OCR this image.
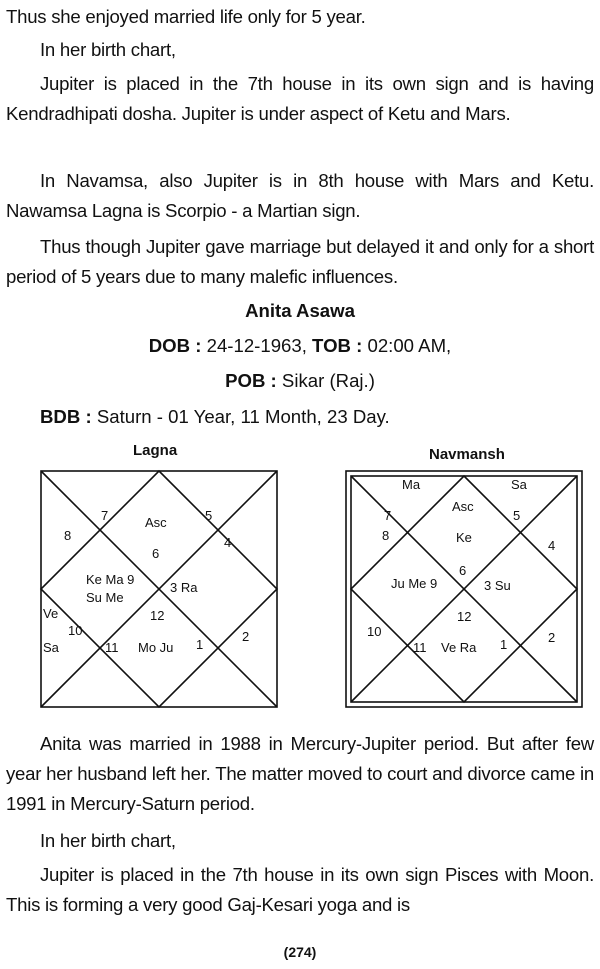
Thus she enjoyed married life only for 5 year.

In her birth chart,

Jupiter is placed in the 7th house in its own sign and is having Kendradhipati dosha. Jupiter is under aspect of Ketu and Mars.

In Navamsa, also Jupiter is in 8th house with Mars and Ketu. Nawamsa Lagna is Scorpio - a Martian sign.

Thus though Jupiter gave marriage but delayed it and only for a short period of 5 years due to many malefic influences.

Anita Asawa

DOB : 24-12-1963, TOB : 02:00 AM,

POB : Sikar (Raj.)

BDB : Saturn - 01 Year, 11 Month, 23 Day.

Lagna	Navmansh

7	Asc	5
8
6
4
Ke Ma 9
Su Me
3 Ra
Ve	12
10
Sa	11 Mo Ju 1
2
Ma	Sa
Asc
7	5
8	Ke
4
6
Ju Me 9	3 Su
12
10	2
11 Ve Ra 1

Anita was married in 1988 in Mercury-Jupiter period. But after few year her husband left her. The matter moved to court and divorce came in 1991 in Mercury-Saturn period.

In her birth chart,

Jupiter is placed in the 7th house in its own sign Pisces with Moon. This is forming a very good Gaj-Kesari yoga and is

(274)
